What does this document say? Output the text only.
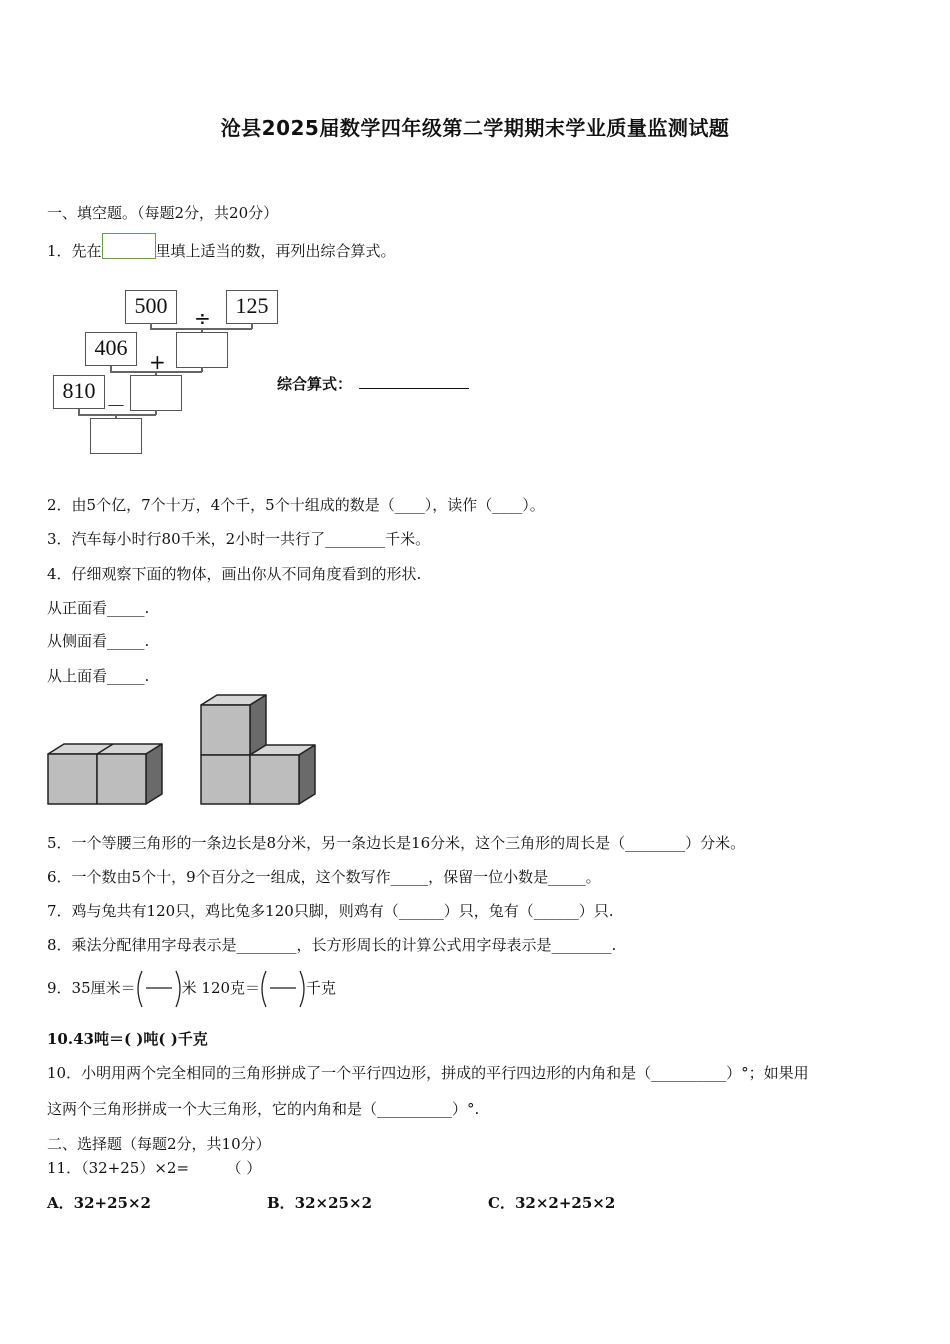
沧县2025届数学四年级第二学期期末学业质量监测试题
一、填空题。（每题2分，共20分）
1．先在	里填上适当的数，再列出综合算式。
500	125
÷
406
+
810
－
综合算式：
2．由5个亿，7个十万，4个千，5个十组成的数是（____），读作（____）。
3．汽车每小时行80千米，2小时一共行了________千米。
4．仔细观察下面的物体，画出你从不同角度看到的形状.
从正面看_____.
从侧面看_____.
从上面看_____.
5．一个等腰三角形的一条边长是8分米，另一条边长是16分米，这个三角形的周长是（________）分米。
6．一个数由5个十，9个百分之一组成，这个数写作_____，保留一位小数是_____。
7．鸡与兔共有120只，鸡比兔多120只脚，则鸡有（______）只，兔有（______）只.
8．乘法分配律用字母表示是________，长方形周长的计算公式用字母表示是________.
9．35厘米＝	米 120克＝	千克
10.43吨＝( )吨( )千克
10．小明用两个完全相同的三角形拼成了一个平行四边形，拼成的平行四边形的内角和是（__________）°；如果用
这两个三角形拼成一个大三角形，它的内角和是（__________）°.
二、选择题（每题2分，共10分）
11．（32+25）×2=　　　（ ）
A．32+25×2	B．32×25×2	C．32×2+25×2
